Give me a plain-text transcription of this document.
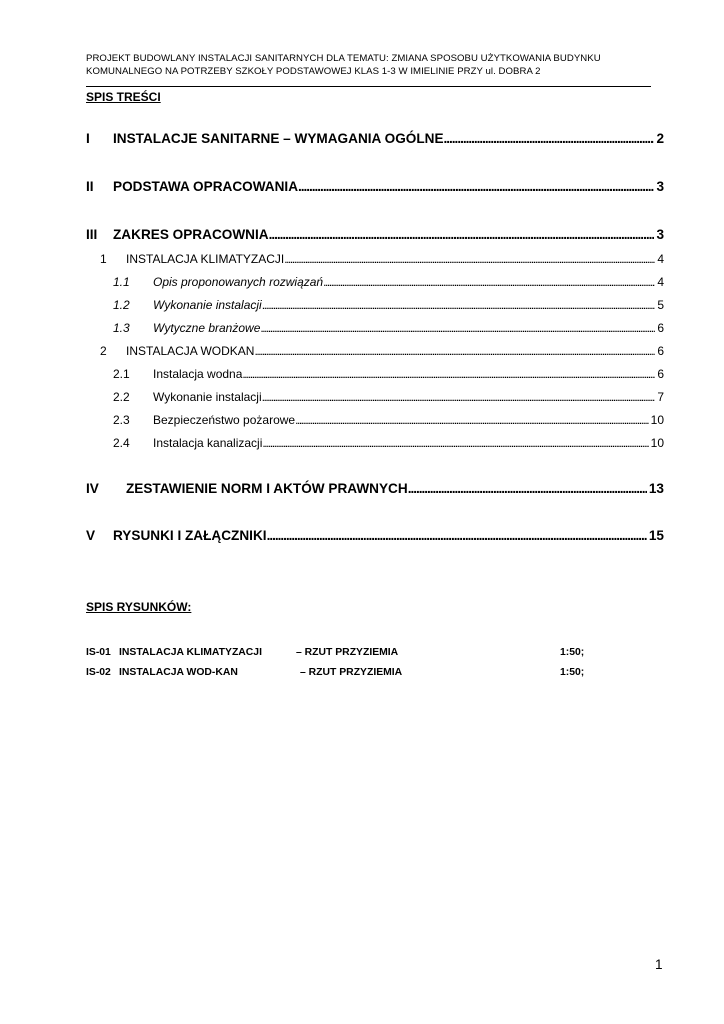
PROJEKT BUDOWLANY INSTALACJI SANITARNYCH DLA TEMATU: ZMIANA SPOSOBU UŻYTKOWANIA BUDYNKU
KOMUNALNEGO NA POTRZEBY SZKOŁY PODSTAWOWEJ KLAS 1-3 W IMIELINIE PRZY ul. DOBRA 2
SPIS TREŚCI
I	INSTALACJE SANITARNE – WYMAGANIA OGÓLNE . . .	2
II	PODSTAWA OPRACOWANIA . . .	3
III	ZAKRES OPRACOWNIA . . .	3
1	INSTALACJA KLIMATYZACJI . . .	4
1.1	Opis proponowanych rozwiązań . . .	4
1.2	Wykonanie instalacji . . .	5
1.3	Wytyczne branżowe . . .	6
2	INSTALACJA WODKAN . . .	6
2.1	Instalacja wodna . . .	6
2.2	Wykonanie instalacji . . .	7
2.3	Bezpieczeństwo pożarowe . . .	10
2.4	Instalacja kanalizacji . . .	10
IV	ZESTAWIENIE NORM I AKTÓW PRAWNYCH . . .	13
V	RYSUNKI I ZAŁĄCZNIKI . . .	15
SPIS RYSUNKÓW:
IS-01 INSTALACJA KLIMATYZACJI	– RZUT PRZYZIEMIA	1:50;
IS-02 INSTALACJA WOD-KAN	– RZUT PRZYZIEMIA	1:50;
1
